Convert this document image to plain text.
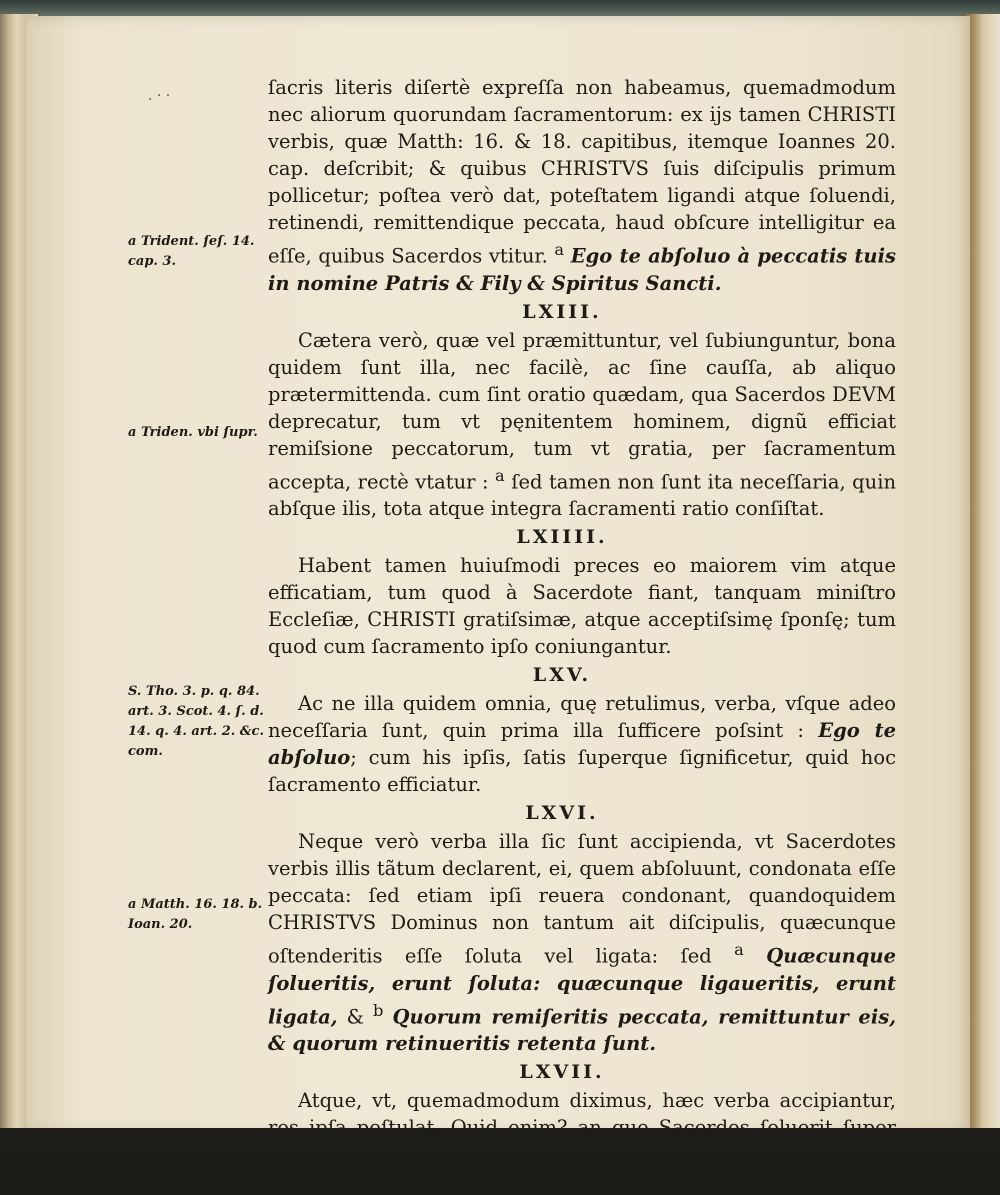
. · ·
a Trident. ſeſ. 14. cap. 3.
a Triden. vbi ſupr.
S. Tho. 3. p. q. 84. art. 3. Scot. 4. ſ. d. 14. q. 4. art. 2. &c. com.
a Matth. 16. 18. b. Ioan. 20.

ſacris literis diſertè expreſſa non habeamus, quemadmodum nec aliorum quorundam ſacramentorum: ex ijs tamen CHRISTI verbis, quæ Matth: 16. & 18. capitibus, itemque Ioannes 20. cap. deſcribit; & quibus CHRISTVS ſuis diſcipulis primum pollicetur; poſtea verò dat, poteſtatem ligandi atque ſoluendi, retinendi, remittendique peccata, haud obſcure intelligitur ea eſſe, quibus Sacerdos vtitur. $^a$ Ego te abſoluo à peccatis tuis in nomine Patris & Fily & Spiritus Sancti.

LXIII.

Cætera verò, quæ vel præmittuntur, vel ſubiunguntur, bona quidem ſunt illa, nec facilè, ac ſine cauſſa, ab aliquo prætermittenda. cum ſint oratio quædam, qua Sacerdos DEVM deprecatur, tum vt pęnitentem hominem, dignũ efficiat remiſsione peccatorum, tum vt gratia, per ſacramentum accepta, rectè vtatur : $^a$ ſed tamen non ſunt ita neceſſaria, quin abſque ilis, tota atque integra ſacramenti ratio conſiſtat.

LXIIII.

Habent tamen huiuſmodi preces eo maiorem vim atque efficatiam, tum quod à Sacerdote fiant, tanquam miniſtro Eccleſiæ, CHRISTI gratiſsimæ, atque acceptiſsimę ſponſę; tum quod cum ſacramento ipſo coniungantur.

LXV.

Ac ne illa quidem omnia, quę retulimus, verba, vſque adeo neceſſaria ſunt, quin prima illa ſufficere poſsint : Ego te abſoluo; cum his ipſis, ſatis ſuperque ſignificetur, quid hoc ſacramento efficiatur.

LXVI.

Neque verò verba illa ſic ſunt accipienda, vt Sacerdotes verbis illis tãtum declarent, ei, quem abſoluunt, condonata eſſe peccata: ſed etiam ipſi reuera condonant, quandoquidem CHRISTVS Dominus non tantum ait diſcipulis, quæcunque oſtenderitis eſſe ſoluta vel ligata: ſed $^a$ Quæcunque ſolueritis, erunt ſoluta: quæcunque ligaueritis, erunt ligata, & $^b$ Quorum remiſeritis peccata, remittuntur eis, & quorum retinueritis retenta ſunt.

LXVII.

Atque, vt, quemadmodum diximus, hæc verba accipiantur, res ipſa poſtulat. Quid enim? an quę Sacerdos ſoluerit ſuper ter-

ram
